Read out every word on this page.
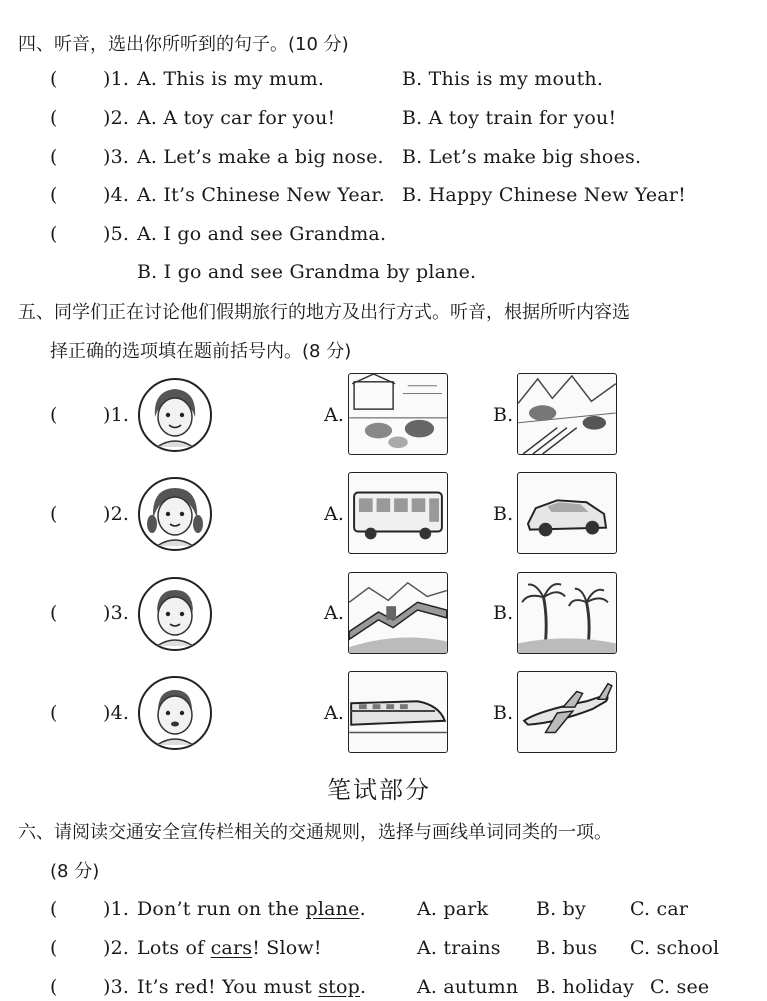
四、听音，选出你所听到的句子。(10 分)
( )1. A. This is my mum.	B. This is my mouth.
( )2. A. A toy car for you!	B. A toy train for you!
( )3. A. Let’s make a big nose. B. Let’s make big shoes.
( )4. A. It’s Chinese New Year. B. Happy Chinese New Year!
( )5. A. I go and see Grandma.
B. I go and see Grandma by plane.
五、同学们正在讨论他们假期旅行的地方及出行方式。听音，根据所听内容选
择正确的选项填在题前括号内。(8 分)
( )1.	A.	B.
( )2.	A.	B.
( )3.	A.	B.
( )4.	A.	B.
笔试部分
六、请阅读交通安全宣传栏相关的交通规则，选择与画线单词同类的一项。
(8 分)
( )1. Don’t run on the plane.	A. park	B. by C. car
( )2. Lots of cars! Slow!	A. trains B. bus C. school
( )3. It’s red! You must stop.	A. autumn B. holiday C. see
